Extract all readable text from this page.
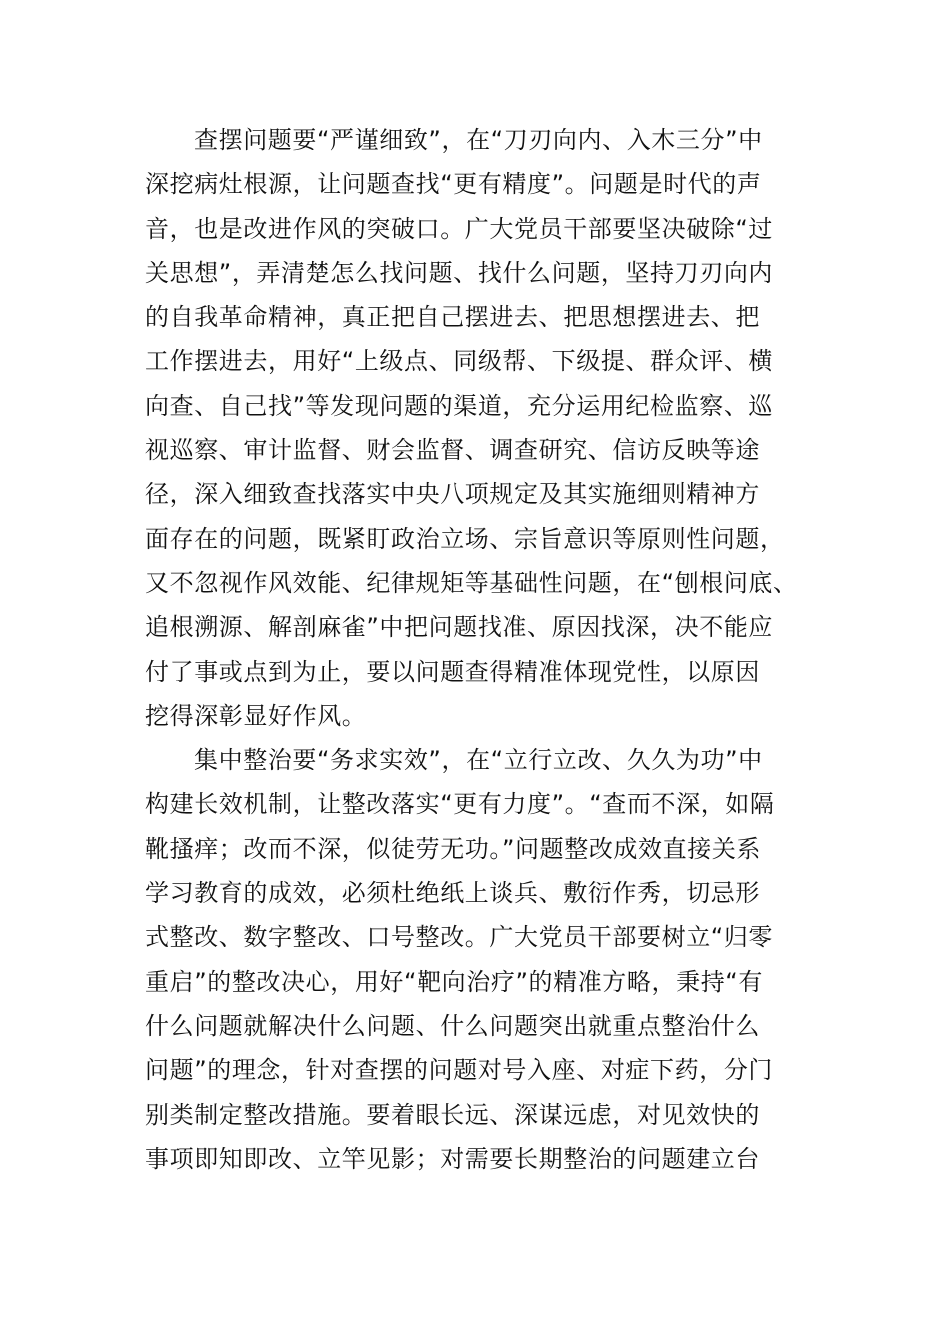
查摆问题要“严谨细致”，在“刀刃向内、入木三分”中
深挖病灶根源，让问题查找“更有精度”。问题是时代的声
音，也是改进作风的突破口。广大党员干部要坚决破除“过
关思想”，弄清楚怎么找问题、找什么问题，坚持刀刃向内
的自我革命精神，真正把自己摆进去、把思想摆进去、把
工作摆进去，用好“上级点、同级帮、下级提、群众评、横
向查、自己找”等发现问题的渠道，充分运用纪检监察、巡
视巡察、审计监督、财会监督、调查研究、信访反映等途
径，深入细致查找落实中央八项规定及其实施细则精神方
面存在的问题，既紧盯政治立场、宗旨意识等原则性问题，
又不忽视作风效能、纪律规矩等基础性问题，在“刨根问底、
追根溯源、解剖麻雀”中把问题找准、原因找深，决不能应
付了事或点到为止，要以问题查得精准体现党性，以原因
挖得深彰显好作风。
集中整治要“务求实效”，在“立行立改、久久为功”中
构建长效机制，让整改落实“更有力度”。“查而不深，如隔
靴搔痒；改而不深，似徒劳无功。”问题整改成效直接关系
学习教育的成效，必须杜绝纸上谈兵、敷衍作秀，切忌形
式整改、数字整改、口号整改。广大党员干部要树立“归零
重启”的整改决心，用好“靶向治疗”的精准方略，秉持“有
什么问题就解决什么问题、什么问题突出就重点整治什么
问题”的理念，针对查摆的问题对号入座、对症下药，分门
别类制定整改措施。要着眼长远、深谋远虑，对见效快的
事项即知即改、立竿见影；对需要长期整治的问题建立台
